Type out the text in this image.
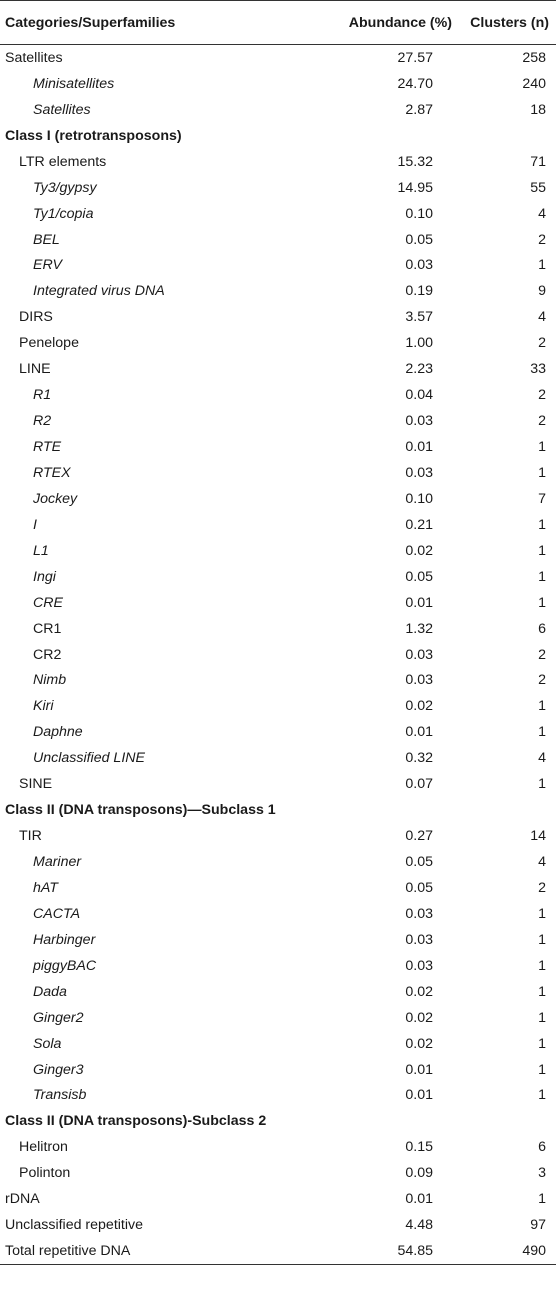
Categories/Superfamilies	Abundance (%)	Clusters (n)
Satellites	27.57	258
Minisatellites	24.70	240
Satellites	2.87	18
Class I (retrotransposons)		
LTR elements	15.32	71
Ty3/gypsy	14.95	55
Ty1/copia	0.10	4
BEL	0.05	2
ERV	0.03	1
Integrated virus DNA	0.19	9
DIRS	3.57	4
Penelope	1.00	2
LINE	2.23	33
R1	0.04	2
R2	0.03	2
RTE	0.01	1
RTEX	0.03	1
Jockey	0.10	7
I	0.21	1
L1	0.02	1
Ingi	0.05	1
CRE	0.01	1
CR1	1.32	6
CR2	0.03	2
Nimb	0.03	2
Kiri	0.02	1
Daphne	0.01	1
Unclassified LINE	0.32	4
SINE	0.07	1
Class II (DNA transposons)—Subclass 1		
TIR	0.27	14
Mariner	0.05	4
hAT	0.05	2
CACTA	0.03	1
Harbinger	0.03	1
piggyBAC	0.03	1
Dada	0.02	1
Ginger2	0.02	1
Sola	0.02	1
Ginger3	0.01	1
Transisb	0.01	1
Class II (DNA transposons)-Subclass 2		
Helitron	0.15	6
Polinton	0.09	3
rDNA	0.01	1
Unclassified repetitive	4.48	97
Total repetitive DNA	54.85	490
